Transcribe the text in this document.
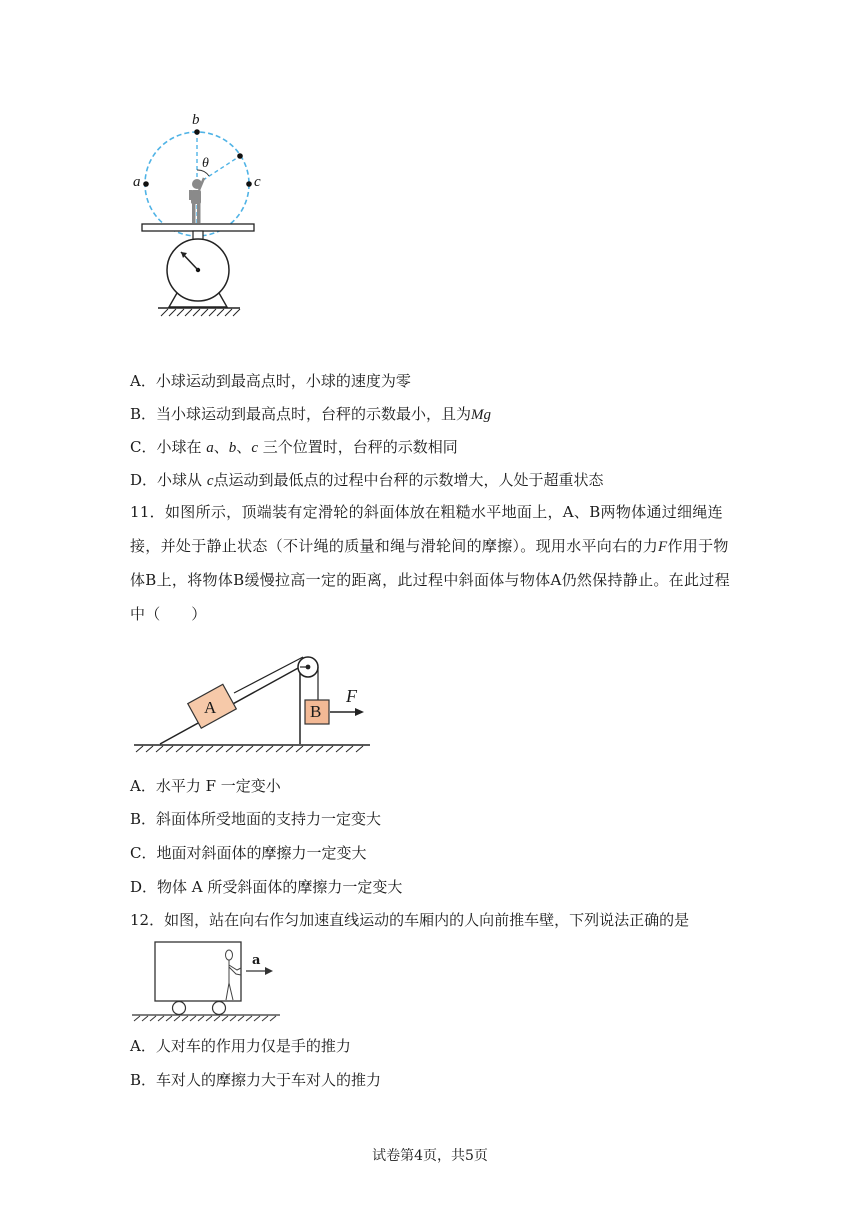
b
a	c
θ
A．小球运动到最高点时，小球的速度为零
B．当小球运动到最高点时，台秤的示数最小，且为Mg
C．小球在 a、b、c 三个位置时，台秤的示数相同
D．小球从 c点运动到最低点的过程中台秤的示数增大，人处于超重状态
11．如图所示，顶端装有定滑轮的斜面体放在粗糙水平地面上，A、B两物体通过细绳连接，并处于静止状态（不计绳的质量和绳与滑轮间的摩擦）。现用水平向右的力F作用于物体B上，将物体B缓慢拉高一定的距离，此过程中斜面体与物体A仍然保持静止。在此过程中（　　）
A	B
F
A．水平力 F 一定变小
B．斜面体所受地面的支持力一定变大
C．地面对斜面体的摩擦力一定变大
D．物体 A 所受斜面体的摩擦力一定变大
12．如图，站在向右作匀加速直线运动的车厢内的人向前推车壁，下列说法正确的是
a
A．人对车的作用力仅是手的推力
B．车对人的摩擦力大于车对人的推力
试卷第4页，共5页
